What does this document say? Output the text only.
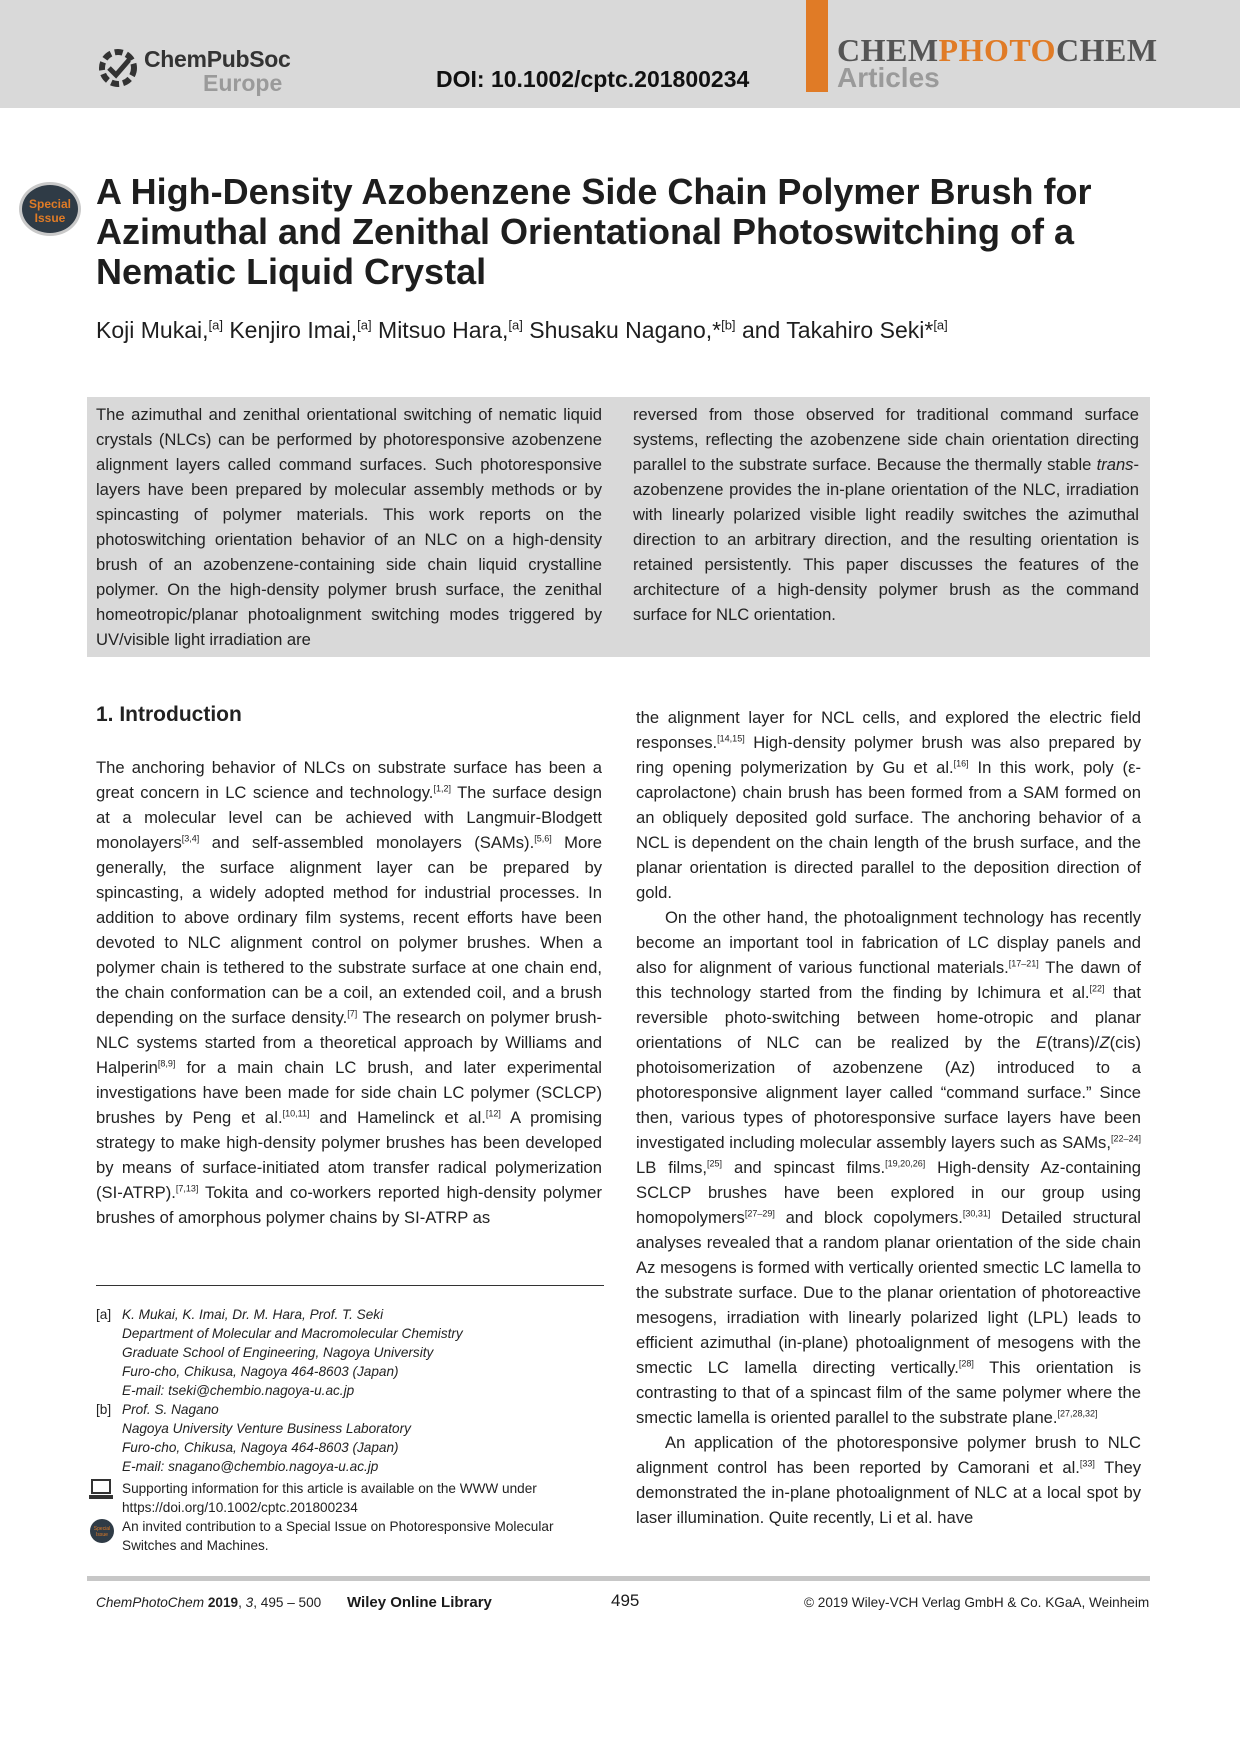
ChemPubSoc
Europe	DOI: 10.1002/cptc.201800234
CHEMPHOTOCHEM
Articles
Special
Issue
A High-Density Azobenzene Side Chain Polymer Brush for Azimuthal and Zenithal Orientational Photoswitching of a Nematic Liquid Crystal
Koji Mukai,[a] Kenjiro Imai,[a] Mitsuo Hara,[a] Shusaku Nagano,*[b] and Takahiro Seki*[a]
The azimuthal and zenithal orientational switching of nematic liquid crystals (NLCs) can be performed by photoresponsive azobenzene alignment layers called command surfaces. Such photoresponsive layers have been prepared by molecular assembly methods or by spincasting of polymer materials. This work reports on the photoswitching orientation behavior of an NLC on a high-density brush of an azobenzene-containing side chain liquid crystalline polymer. On the high-density polymer brush surface, the zenithal homeotropic/planar photoalignment switching modes triggered by UV/visible light irradiation are
reversed from those observed for traditional command surface systems, reflecting the azobenzene side chain orientation directing parallel to the substrate surface. Because the thermally stable trans-azobenzene provides the in-plane orientation of the NLC, irradiation with linearly polarized visible light readily switches the azimuthal direction to an arbitrary direction, and the resulting orientation is retained persistently. This paper discusses the features of the architecture of a high-density polymer brush as the command surface for NLC orientation.
1. Introduction

The anchoring behavior of NLCs on substrate surface has been a great concern in LC science and technology.[1,2] The surface design at a molecular level can be achieved with Langmuir-Blodgett monolayers[3,4] and self-assembled monolayers (SAMs).[5,6] More generally, the surface alignment layer can be prepared by spincasting, a widely adopted method for industrial processes. In addition to above ordinary film systems, recent efforts have been devoted to NLC alignment control on polymer brushes. When a polymer chain is tethered to the substrate surface at one chain end, the chain conformation can be a coil, an extended coil, and a brush depending on the surface density.[7] The research on polymer brush-NLC systems started from a theoretical approach by Williams and Halperin[8,9] for a main chain LC brush, and later experimental investigations have been made for side chain LC polymer (SCLCP) brushes by Peng et al.[10,11] and Hamelinck et al.[12] A promising strategy to make high-density polymer brushes has been developed by means of surface-initiated atom transfer radical polymerization (SI-ATRP).[7,13] Tokita and co-workers reported high-density polymer brushes of amorphous polymer chains by SI-ATRP as

the alignment layer for NCL cells, and explored the electric field responses.[14,15] High-density polymer brush was also prepared by ring opening polymerization by Gu et al.[16] In this work, poly (ε-caprolactone) chain brush has been formed from a SAM formed on an obliquely deposited gold surface. The anchoring behavior of a NCL is dependent on the chain length of the brush surface, and the planar orientation is directed parallel to the deposition direction of gold.

On the other hand, the photoalignment technology has recently become an important tool in fabrication of LC display panels and also for alignment of various functional materials.[17–21] The dawn of this technology started from the finding by Ichimura et al.[22] that reversible photo-switching between home-otropic and planar orientations of NLC can be realized by the E(trans)/Z(cis) photoisomerization of azobenzene (Az) introduced to a photoresponsive alignment layer called “command surface.” Since then, various types of photoresponsive surface layers have been investigated including molecular assembly layers such as SAMs,[22–24] LB films,[25] and spincast films.[19,20,26] High-density Az-containing SCLCP brushes have been explored in our group using homopolymers[27–29] and block copolymers.[30,31] Detailed structural analyses revealed that a random planar orientation of the side chain Az mesogens is formed with vertically oriented smectic LC lamella to the substrate surface. Due to the planar orientation of photoreactive mesogens, irradiation with linearly polarized light (LPL) leads to efficient azimuthal (in-plane) photoalignment of mesogens with the smectic LC lamella directing vertically.[28] This orientation is contrasting to that of a spincast film of the same polymer where the smectic lamella is oriented parallel to the substrate plane.[27,28,32]

An application of the photoresponsive polymer brush to NLC alignment control has been reported by Camorani et al.[33] They demonstrated the in-plane photoalignment of NLC at a local spot by laser illumination. Quite recently, Li et al. have

[a] K. Mukai, K. Imai, Dr. M. Hara, Prof. T. Seki
Department of Molecular and Macromolecular Chemistry
Graduate School of Engineering, Nagoya University
Furo-cho, Chikusa, Nagoya 464-8603 (Japan)
E-mail: tseki@chembio.nagoya-u.ac.jp
[b] Prof. S. Nagano
Nagoya University Venture Business Laboratory
Furo-cho, Chikusa, Nagoya 464-8603 (Japan)
E-mail: snagano@chembio.nagoya-u.ac.jp
Supporting information for this article is available on the WWW under https://doi.org/10.1002/cptc.201800234
Special
Issue
An invited contribution to a Special Issue on Photoresponsive Molecular Switches and Machines.
ChemPhotoChem 2019, 3, 495 – 500 Wiley Online Library	495	© 2019 Wiley-VCH Verlag GmbH & Co. KGaA, Weinheim
